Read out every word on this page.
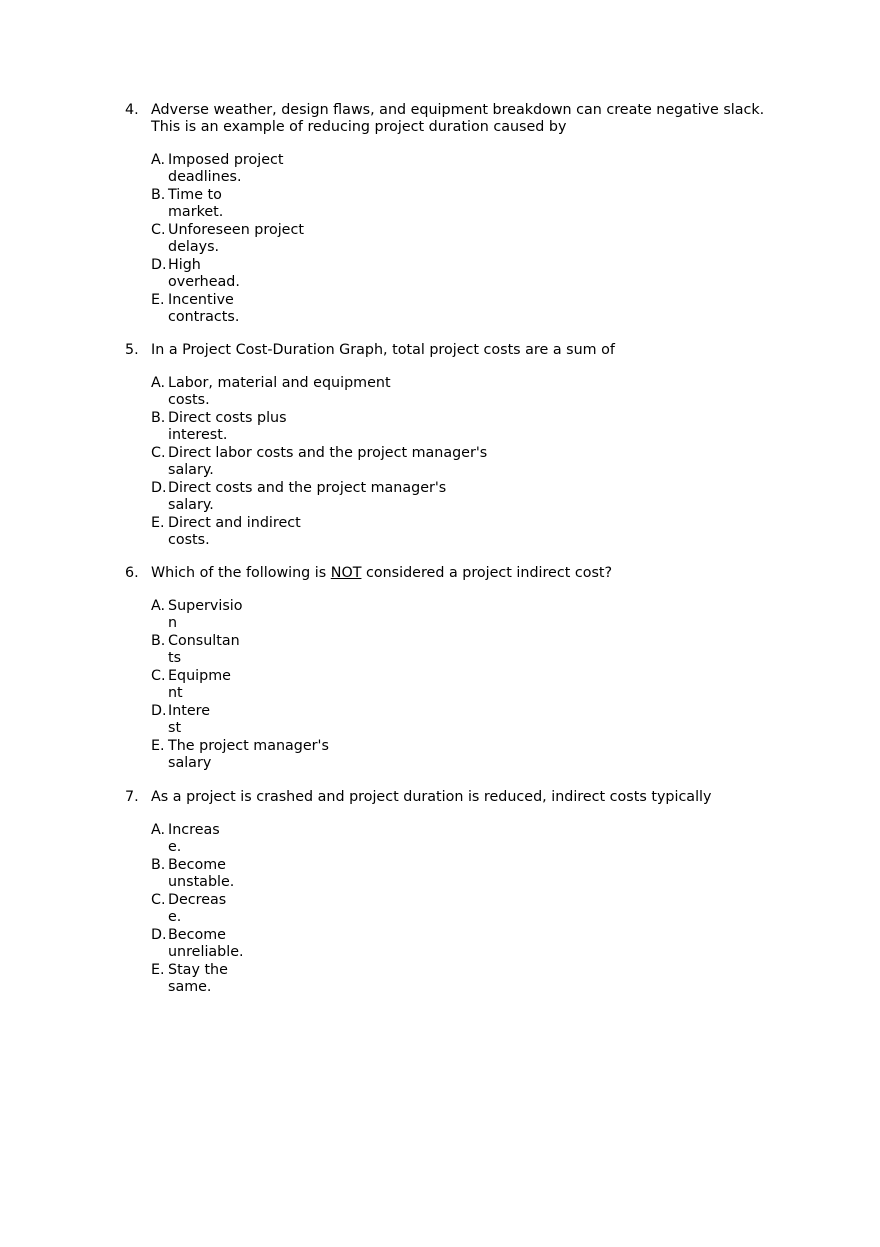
4. Adverse weather, design flaws, and equipment breakdown can create negative slack.
This is an example of reducing project duration caused by
A. Imposed project
deadlines.
B. Time to
market.
C. Unforeseen project
delays.
D. High
overhead.
E. Incentive
contracts.
5. In a Project Cost-Duration Graph, total project costs are a sum of
A. Labor, material and equipment
costs.
B. Direct costs plus
interest.
C. Direct labor costs and the project manager's
salary.
D. Direct costs and the project manager's
salary.
E. Direct and indirect
costs.
6. Which of the following is NOT considered a project indirect cost?
A. Supervisio
n
B. Consultan
ts
C. Equipme
nt
D. Intere
st
E. The project manager's
salary
7. As a project is crashed and project duration is reduced, indirect costs typically
A. Increas
e.
B. Become
unstable.
C. Decreas
e.
D. Become
unreliable.
E. Stay the
same.
